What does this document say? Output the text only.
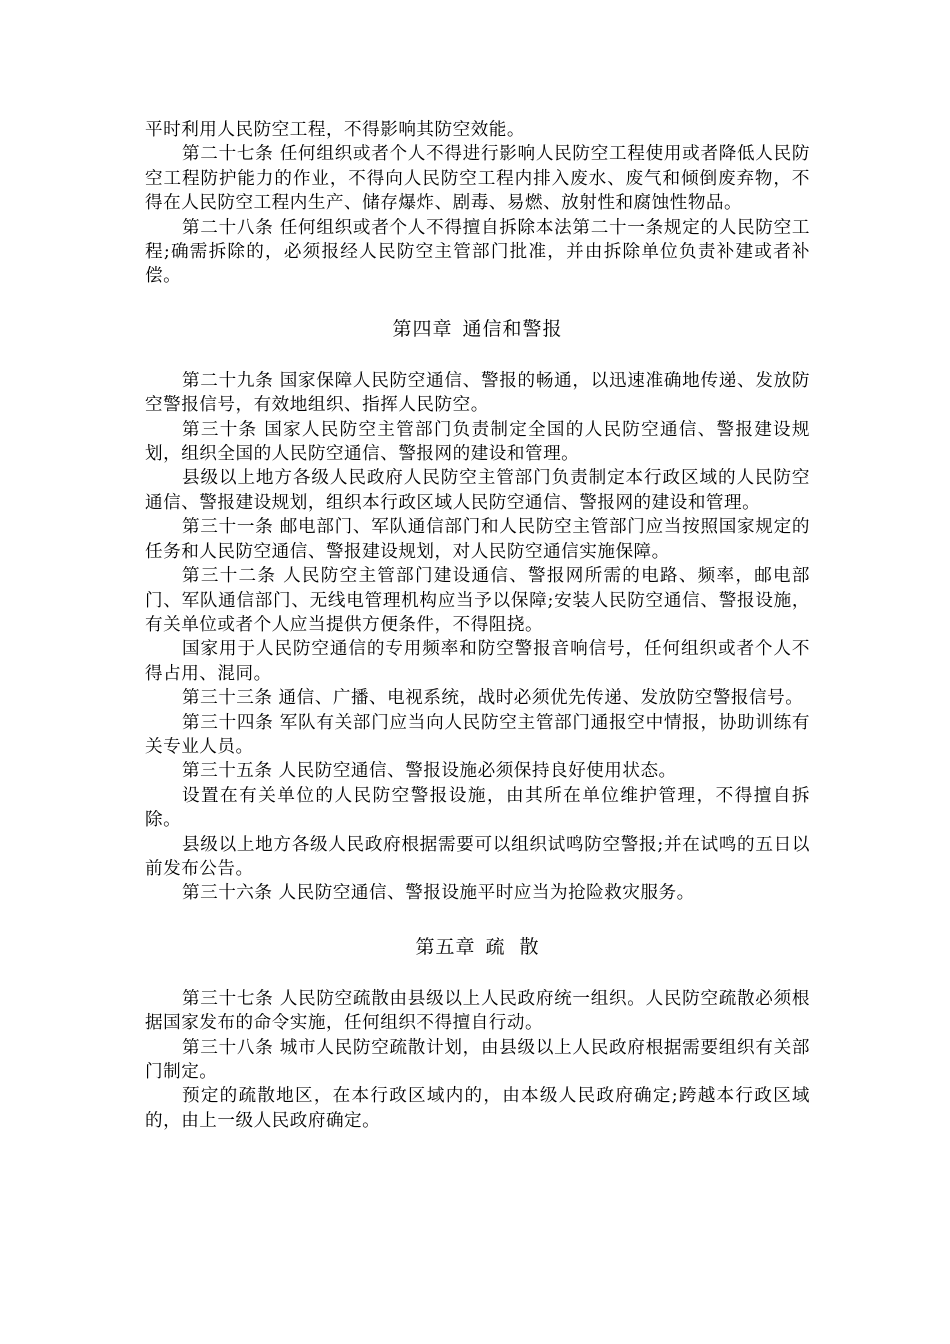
平时利用人民防空工程，不得影响其防空效能。

第二十七条 任何组织或者个人不得进行影响人民防空工程使用或者降低人民防空工程防护能力的作业，不得向人民防空工程内排入废水、废气和倾倒废弃物，不得在人民防空工程内生产、储存爆炸、剧毒、易燃、放射性和腐蚀性物品。

第二十八条 任何组织或者个人不得擅自拆除本法第二十一条规定的人民防空工程;确需拆除的，必须报经人民防空主管部门批准，并由拆除单位负责补建或者补偿。

第四章 通信和警报

第二十九条 国家保障人民防空通信、警报的畅通，以迅速准确地传递、发放防空警报信号，有效地组织、指挥人民防空。

第三十条 国家人民防空主管部门负责制定全国的人民防空通信、警报建设规划，组织全国的人民防空通信、警报网的建设和管理。

县级以上地方各级人民政府人民防空主管部门负责制定本行政区域的人民防空通信、警报建设规划，组织本行政区域人民防空通信、警报网的建设和管理。

第三十一条 邮电部门、军队通信部门和人民防空主管部门应当按照国家规定的任务和人民防空通信、警报建设规划，对人民防空通信实施保障。

第三十二条 人民防空主管部门建设通信、警报网所需的电路、频率，邮电部门、军队通信部门、无线电管理机构应当予以保障;安装人民防空通信、警报设施，有关单位或者个人应当提供方便条件，不得阻挠。

国家用于人民防空通信的专用频率和防空警报音响信号，任何组织或者个人不得占用、混同。

第三十三条 通信、广播、电视系统，战时必须优先传递、发放防空警报信号。

第三十四条 军队有关部门应当向人民防空主管部门通报空中情报，协助训练有关专业人员。

第三十五条 人民防空通信、警报设施必须保持良好使用状态。

设置在有关单位的人民防空警报设施，由其所在单位维护管理，不得擅自拆除。

县级以上地方各级人民政府根据需要可以组织试鸣防空警报;并在试鸣的五日以前发布公告。

第三十六条 人民防空通信、警报设施平时应当为抢险救灾服务。

第五章 疏  散

第三十七条 人民防空疏散由县级以上人民政府统一组织。人民防空疏散必须根据国家发布的命令实施，任何组织不得擅自行动。

第三十八条 城市人民防空疏散计划，由县级以上人民政府根据需要组织有关部门制定。

预定的疏散地区，在本行政区域内的，由本级人民政府确定;跨越本行政区域的，由上一级人民政府确定。
